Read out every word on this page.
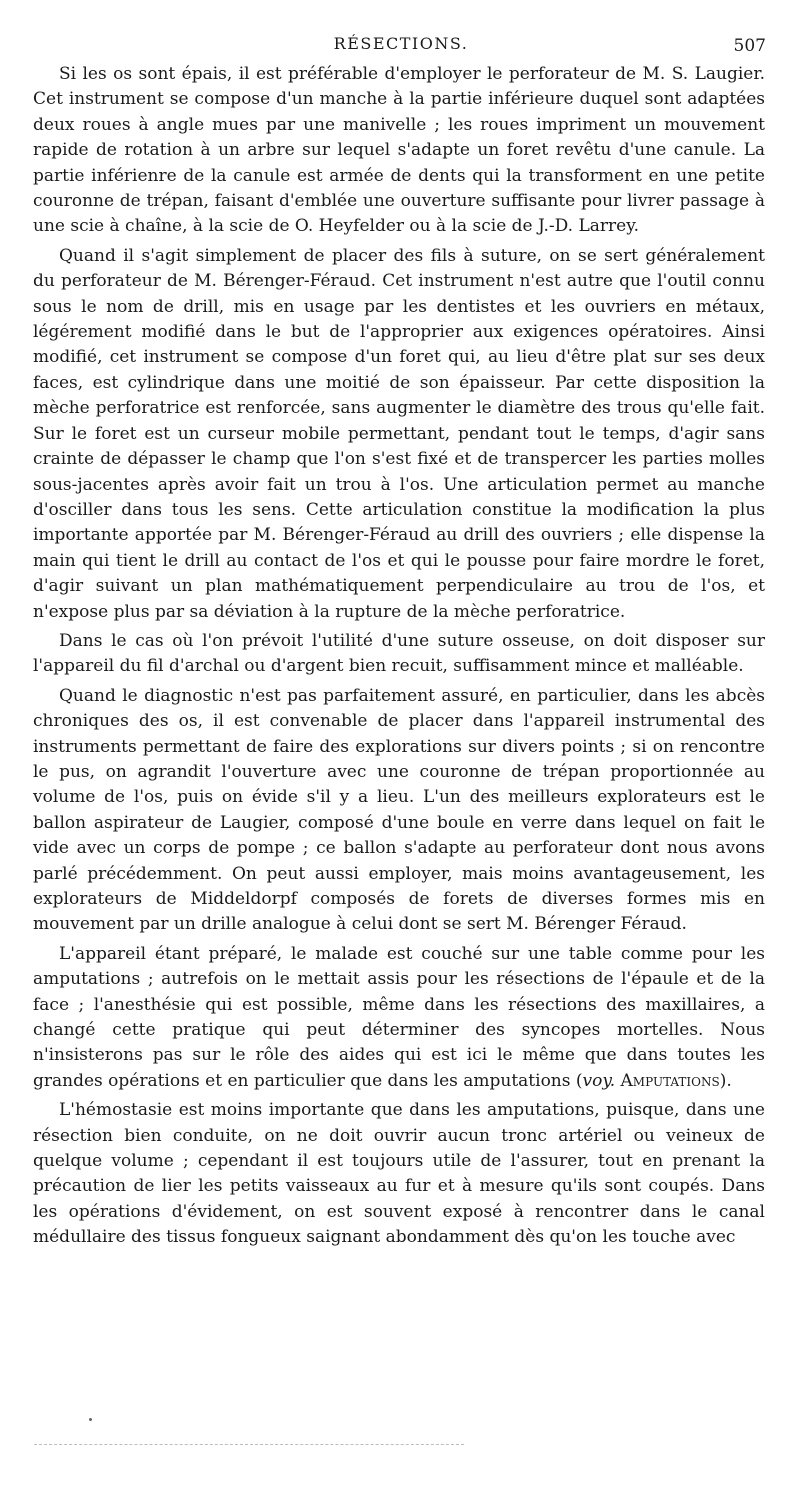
RÉSECTIONS.	507

Si les os sont épais, il est préférable d'employer le perforateur de M. S. Laugier. Cet instrument se compose d'un manche à la partie inférieure duquel sont adaptées deux roues à angle mues par une manivelle ; les roues impriment un mouvement rapide de rotation à un arbre sur lequel s'adapte un foret revêtu d'une canule. La partie inférienre de la canule est armée de dents qui la transforment en une petite couronne de trépan, faisant d'emblée une ouverture suffisante pour livrer passage à une scie à chaîne, à la scie de O. Heyfelder ou à la scie de J.-D. Larrey.

Quand il s'agit simplement de placer des fils à suture, on se sert généralement du perforateur de M. Bérenger-Féraud. Cet instrument n'est autre que l'outil connu sous le nom de drill, mis en usage par les dentistes et les ouvriers en métaux, légérement modifié dans le but de l'approprier aux exigences opératoires. Ainsi modifié, cet instrument se compose d'un foret qui, au lieu d'être plat sur ses deux faces, est cylindrique dans une moitié de son épaisseur. Par cette disposition la mèche perforatrice est renforcée, sans augmenter le diamètre des trous qu'elle fait. Sur le foret est un curseur mobile permettant, pendant tout le temps, d'agir sans crainte de dépasser le champ que l'on s'est fixé et de transpercer les parties molles sous-jacentes après avoir fait un trou à l'os. Une articulation permet au manche d'osciller dans tous les sens. Cette articulation constitue la modification la plus importante apportée par M. Bérenger-Féraud au drill des ouvriers ; elle dispense la main qui tient le drill au contact de l'os et qui le pousse pour faire mordre le foret, d'agir suivant un plan mathématiquement perpendiculaire au trou de l'os, et n'expose plus par sa déviation à la rupture de la mèche perforatrice.

Dans le cas où l'on prévoit l'utilité d'une suture osseuse, on doit disposer sur l'appareil du fil d'archal ou d'argent bien recuit, suffisamment mince et malléable.

Quand le diagnostic n'est pas parfaitement assuré, en particulier, dans les abcès chroniques des os, il est convenable de placer dans l'appareil instrumental des instruments permettant de faire des explorations sur divers points ; si on rencontre le pus, on agrandit l'ouverture avec une couronne de trépan proportionnée au volume de l'os, puis on évide s'il y a lieu. L'un des meilleurs explorateurs est le ballon aspirateur de Laugier, composé d'une boule en verre dans lequel on fait le vide avec un corps de pompe ; ce ballon s'adapte au perforateur dont nous avons parlé précédemment. On peut aussi employer, mais moins avantageusement, les explorateurs de Middeldorpf composés de forets de diverses formes mis en mouvement par un drille analogue à celui dont se sert M. Bérenger Féraud.

L'appareil étant préparé, le malade est couché sur une table comme pour les amputations ; autrefois on le mettait assis pour les résections de l'épaule et de la face ; l'anesthésie qui est possible, même dans les résections des maxillaires, a changé cette pratique qui peut déterminer des syncopes mortelles. Nous n'insisterons pas sur le rôle des aides qui est ici le même que dans toutes les grandes opérations et en particulier que dans les amputations (voy. Amputations).

L'hémostasie est moins importante que dans les amputations, puisque, dans une résection bien conduite, on ne doit ouvrir aucun tronc artériel ou veineux de quelque volume ; cependant il est toujours utile de l'assurer, tout en prenant la précaution de lier les petits vaisseaux au fur et à mesure qu'ils sont coupés. Dans les opérations d'évidement, on est souvent exposé à rencontrer dans le canal médullaire des tissus fongueux saignant abondamment dès qu'on les touche avec
